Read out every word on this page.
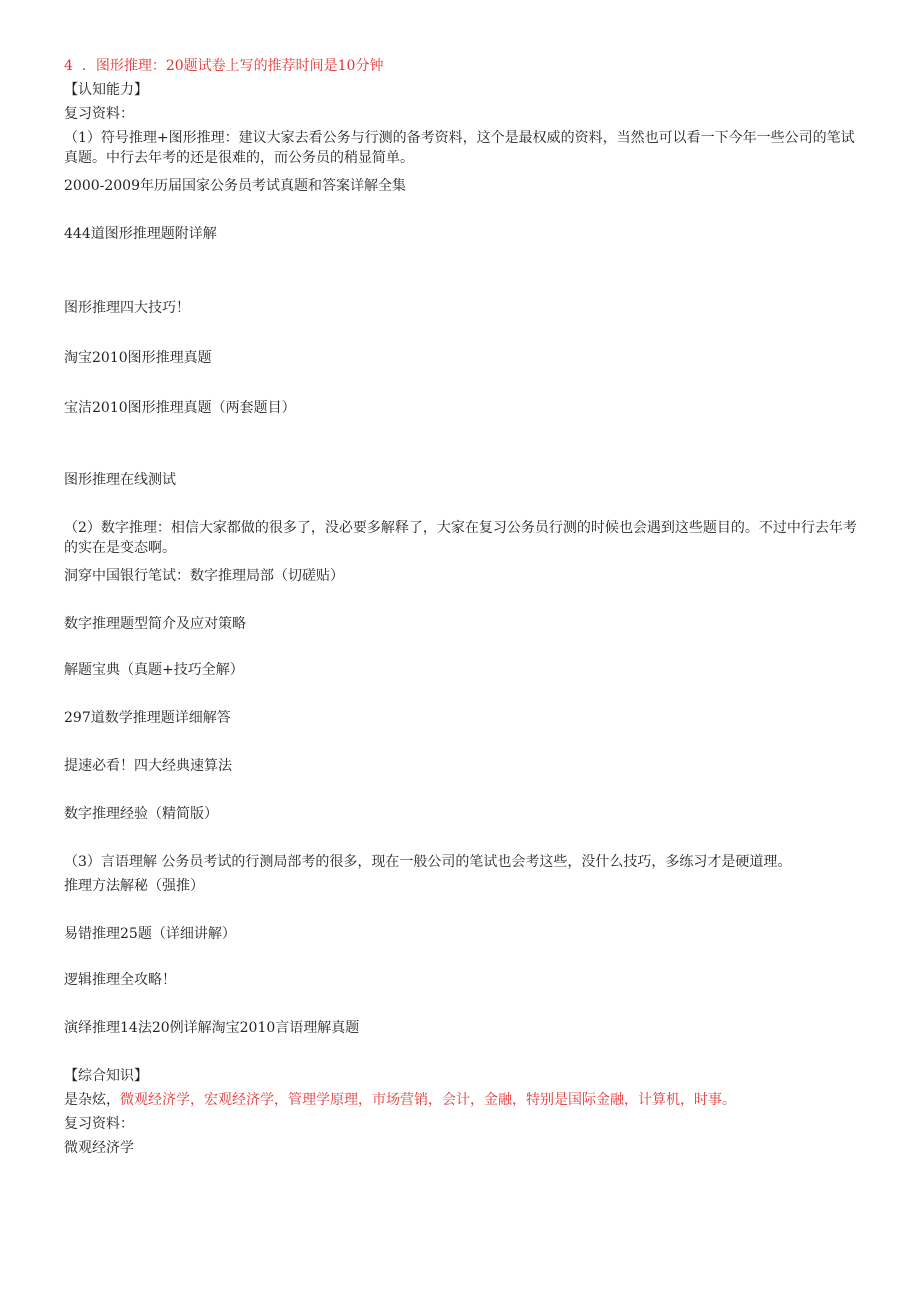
4 ．图形推理：20题试卷上写的推荐时间是10分钟
【认知能力】
复习资料：
（1）符号推理+图形推理：建议大家去看公务与行测的备考资料，这个是最权威的资料，当然也可以看一下今年一些公司的笔试真题。中行去年考的还是很难的，而公务员的稍显简单。
2000-2009年历届国家公务员考试真题和答案详解全集
444道图形推理题附详解
图形推理四大技巧！
淘宝2010图形推理真题
宝洁2010图形推理真题（两套题目）
图形推理在线测试
（2）数字推理：相信大家都做的很多了，没必要多解释了，大家在复习公务员行测的时候也会遇到这些题目的。不过中行去年考的实在是变态啊。
洞穿中国银行笔试：数字推理局部（切磋贴）
数字推理题型简介及应对策略
解题宝典（真题+技巧全解）
297道数学推理题详细解答
提速必看！四大经典速算法
数字推理经验（精简版）
（3）言语理解 公务员考试的行测局部考的很多，现在一般公司的笔试也会考这些，没什么技巧，多练习才是硬道理。
推理方法解秘（强推）
易错推理25题（详细讲解）
逻辑推理全攻略！
演绎推理14法20例详解淘宝2010言语理解真题
【综合知识】
是杂炫，微观经济学，宏观经济学，管理学原理，市场营销，会计，金融，特别是国际金融，计算机，时事。
复习资料：
微观经济学
